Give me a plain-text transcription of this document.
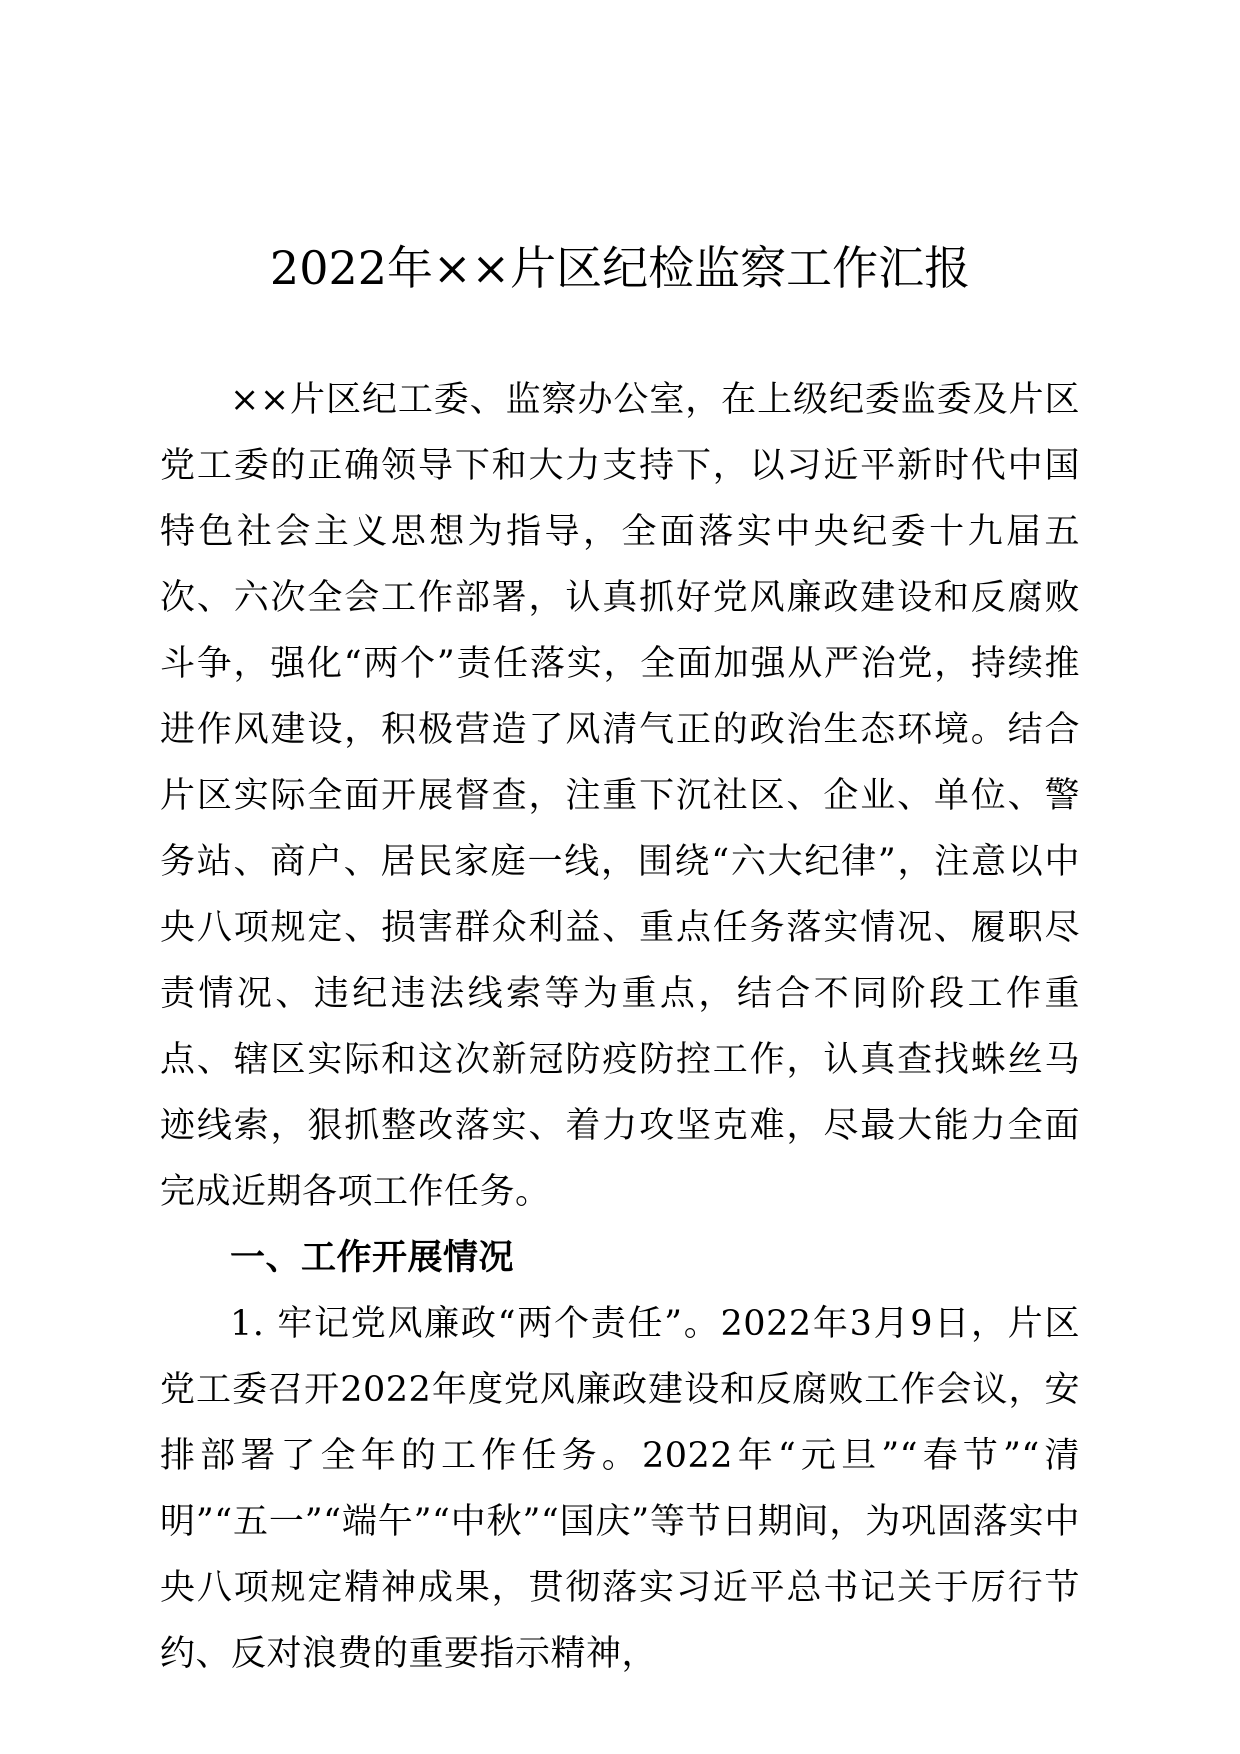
2022年××片区纪检监察工作汇报

××片区纪工委、监察办公室，在上级纪委监委及片区党工委的正确领导下和大力支持下，以习近平新时代中国特色社会主义思想为指导，全面落实中央纪委十九届五次、六次全会工作部署，认真抓好党风廉政建设和反腐败斗争，强化“两个”责任落实，全面加强从严治党，持续推进作风建设，积极营造了风清气正的政治生态环境。结合片区实际全面开展督查，注重下沉社区、企业、单位、警务站、商户、居民家庭一线，围绕“六大纪律”，注意以中央八项规定、损害群众利益、重点任务落实情况、履职尽责情况、违纪违法线索等为重点，结合不同阶段工作重点、辖区实际和这次新冠防疫防控工作，认真查找蛛丝马迹线索，狠抓整改落实、着力攻坚克难，尽最大能力全面完成近期各项工作任务。

一、工作开展情况

1. 牢记党风廉政“两个责任”。2022年3月9日，片区党工委召开2022年度党风廉政建设和反腐败工作会议，安排部署了全年的工作任务。2022年“元旦”“春节”“清明”“五一”“端午”“中秋”“国庆”等节日期间，为巩固落实中央八项规定精神成果，贯彻落实习近平总书记关于厉行节约、反对浪费的重要指示精神，
